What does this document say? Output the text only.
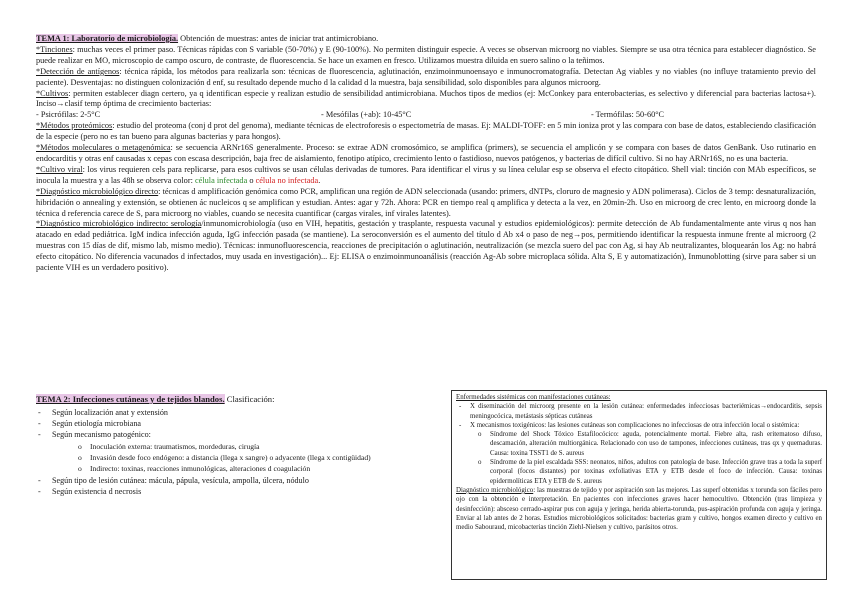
TEMA 1: Laboratorio de microbiología. Obtención de muestras: antes de iniciar trat antimicrobiano.

*Tinciones: muchas veces el primer paso. Técnicas rápidas con S variable (50-70%) y E (90-100%). No permiten distinguir especie. A veces se observan microorg no viables. Siempre se usa otra técnica para establecer diagnóstico. Se puede realizar en MO, microscopio de campo oscuro, de contraste, de fluorescencia. Se hace un examen en fresco. Utilizamos muestra diluida en suero salino o la teñimos.

*Detección de antígenos: técnica rápida, los métodos para realizarla son: técnicas de fluorescencia, aglutinación, enzimoinmunoensayo e inmunocromatografía. Detectan Ag viables y no viables (no influye tratamiento previo del paciente). Desventajas: no distinguen colonización d enf, su resultado depende mucho d la calidad d la muestra, baja sensibilidad, solo disponibles para algunos microorg.

*Cultivos: permiten establecer diagn certero, ya q identifican especie y realizan estudio de sensibilidad antimicrobiana. Muchos tipos de medios (ej: McConkey para enterobacterias, es selectivo y diferencial para bacterias lactosa+). Inciso→clasif temp óptima de crecimiento bacterias:

- Psicrófilas: 2-5°C	- Mesófilas (+ab): 10-45°C	- Termófilas: 50-60°C

*Métodos proteómicos: estudio del proteoma (conj d prot del genoma), mediante técnicas de electroforesis o espectometría de masas. Ej: MALDI-TOFF: en 5 min ioniza prot y las compara con base de datos, estableciendo clasificación de la especie (pero no es tan bueno para algunas bacterias y para hongos).

*Métodos moleculares o metagenómica: se secuencia ARNr16S generalmente. Proceso: se extrae ADN cromosómico, se amplifica (primers), se secuencia el amplicón y se compara con bases de datos GenBank. Uso rutinario en endocarditis y otras enf causadas x cepas con escasa descripción, baja frec de aislamiento, fenotipo atípico, crecimiento lento o fastidioso, nuevos patógenos, y bacterias de difícil cultivo. Si no hay ARNr16S, no es una bacteria.

*Cultivo viral: los virus requieren cels para replicarse, para esos cultivos se usan células derivadas de tumores. Para identificar el virus y su línea celular esp se observa el efecto citopático. Shell vial: tinción con MAb específicos, se inocula la muestra y a las 48h se observa color: célula infectada o célula no infectada.

*Diagnóstico microbiológico directo: técnicas d amplificación genómica como PCR, amplifican una región de ADN seleccionada (usando: primers, dNTPs, cloruro de magnesio y ADN polimerasa). Ciclos de 3 temp: desnaturalización, hibridación o annealing y extensión, se obtienen ác nucleicos q se amplifican y estudian. Antes: agar y 72h. Ahora: PCR en tiempo real q amplifica y detecta a la vez, en 20min-2h. Uso en microorg de crec lento, en microorg donde la técnica d referencia carece de S, para microorg no viables, cuando se necesita cuantificar (cargas virales, inf virales latentes).

*Diagnóstico microbiológico indirecto: serología/inmunomicrobiología (uso en VIH, hepatitis, gestación y trasplante, respuesta vacunal y estudios epidemiológicos): permite detección de Ab fundamentalmente ante virus q nos han atacado en edad pediátrica. IgM indica infección aguda, IgG infección pasada (se mantiene). La seroconversión es el aumento del título d Ab x4 o paso de neg→pos, permitiendo identificar la respuesta inmune frente al microorg (2 muestras con 15 días de dif, mismo lab, mismo medio). Técnicas: inmunofluorescencia, reacciones de precipitación o aglutinación, neutralización (se mezcla suero del pac con Ag, si hay Ab neutralizantes, bloquearán los Ag: no habrá efecto citopático. No diferencia vacunados d infectados, muy usada en investigación)... Ej: ELISA o enzimoinmunoanálisis (reacción Ag-Ab sobre microplaca sólida. Alta S, E y automatización), Inmunoblotting (sirve para saber si un paciente VIH es un verdadero positivo).

TEMA 2: Infecciones cutáneas y de tejidos blandos. Clasificación:

- Según localización anat y extensión
- Según etiología microbiana
- Según mecanismo patogénico:
o Inoculación externa: traumatismos, mordeduras, cirugía
o Invasión desde foco endógeno: a distancia (llega x sangre) o adyacente (llega x contigüidad)
o Indirecto: toxinas, reacciones inmunológicas, alteraciones d coagulación
- Según tipo de lesión cutánea: mácula, pápula, vesícula, ampolla, úlcera, nódulo
- Según existencia d necrosis

Enfermedades sistémicas con manifestaciones cutáneas:

- X diseminación del microorg presente en la lesión cutánea: enfermedades infecciosas bacteriémicas→endocarditis, sepsis meningocócica, metástasis sépticas cutáneas

- X mecanismos toxigénicos: las lesiones cutáneas son complicaciones no infecciosas de otra infección local o sistémica:

o Síndrome del Shock Tóxico Estafilocócico: aguda, potencialmente mortal. Fiebre alta, rash eritematoso difuso, descamación, alteración multiorgánica. Relacionado con uso de tampones, infecciones cutáneas, tras qx y quemaduras. Causa: toxina TSST1 de S. aureus

o Síndrome de la piel escaldada SSS: neonatos, niños, adultos con patología de base. Infección grave tras a toda la superf corporal (focos distantes) por toxinas exfoliativas ETA y ETB desde el foco de infección. Causa: toxinas epidermolíticas ETA y ETB de S. aureus

Diagnóstico microbiológico: las muestras de tejido y por aspiración son las mejores. Las superf obtenidas x torunda son fáciles pero ojo con la obtención e interpretación. En pacientes con infecciones graves hacer hemocultivo. Obtención (tras limpieza y desinfección): absceso cerrado-aspirar pus con aguja y jeringa, herida abierta-torunda, pus-aspiración profunda con aguja y jeringa. Enviar al lab antes de 2 horas. Estudios microbiológicos solicitados: bacterias gram y cultivo, hongos examen directo y cultivo en medio Sabouraud, micobacterias tinción Ziehl-Nielsen y cultivo, parásitos otros.
